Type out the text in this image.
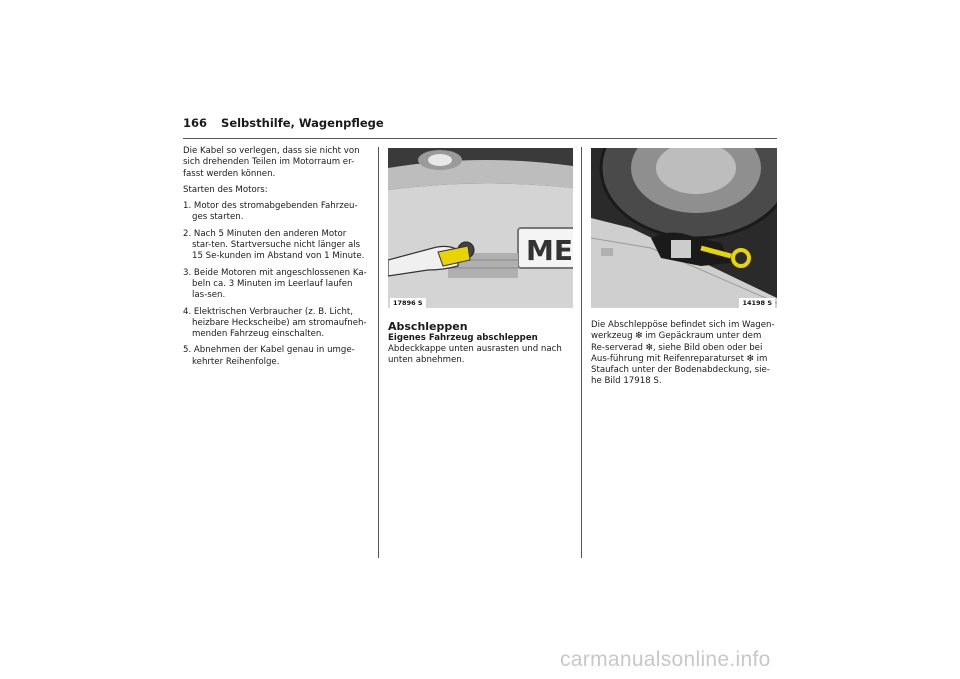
166 Selbsthilfe, Wagenpflege

Die Kabel so verlegen, dass sie nicht von sich drehenden Teilen im Motorraum er-fasst werden können.

Starten des Motors:

1. Motor des stromabgebenden Fahrzeu-ges starten.
2. Nach 5 Minuten den anderen Motor star-ten. Startversuche nicht länger als 15 Se-kunden im Abstand von 1 Minute.
3. Beide Motoren mit angeschlossenen Ka-beln ca. 3 Minuten im Leerlauf laufen las-sen.
4. Elektrischen Verbraucher (z. B. Licht, heizbare Heckscheibe) am stromaufneh-menden Fahrzeug einschalten.
5. Abnehmen der Kabel genau in umge-kehrter Reihenfolge.
ME
17896 S
Abschleppen
Eigenes Fahrzeug abschleppen

Abdeckkappe unten ausrasten und nach unten abnehmen.

14198 S

Die Abschleppöse befindet sich im Wagen-werkzeug ❇ im Gepäckraum unter dem Re-serverad ❇, siehe Bild oben oder bei Aus-führung mit Reifenreparaturset ❇ im Staufach unter der Bodenabdeckung, sie-he Bild 17918 S.

carmanualsonline.info
